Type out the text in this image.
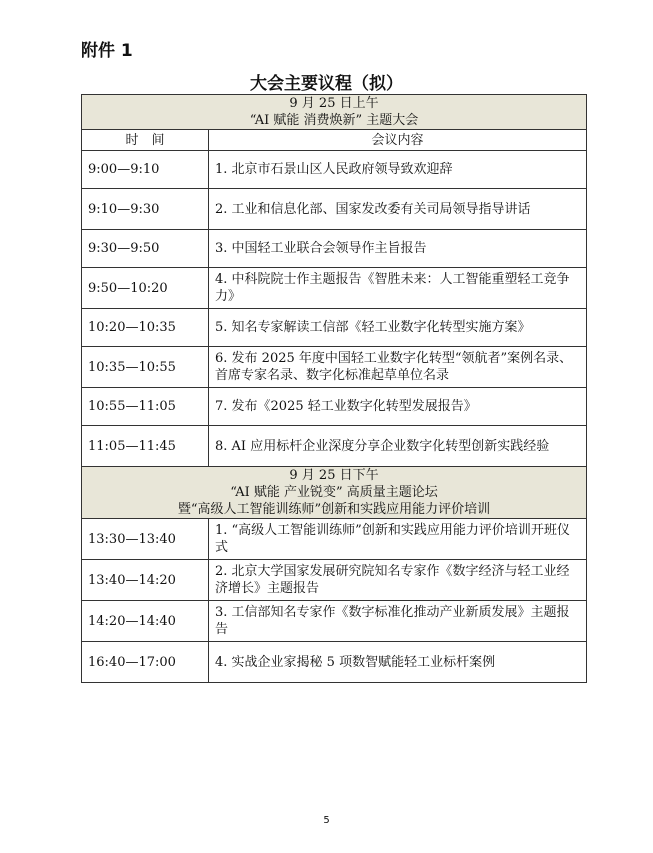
附件 1
大会主要议程（拟）
9 月 25 日上午
“AI 赋能 消费焕新” 主题大会	

时　间	会议内容
9:00—9:10	1. 北京市石景山区人民政府领导致欢迎辞
9:10—9:30	2. 工业和信息化部、国家发改委有关司局领导指导讲话
9:30—9:50	3. 中国轻工业联合会领导作主旨报告
9:50—10:20	4. 中科院院士作主题报告《智胜未来：人工智能重塑轻工竞争力》
10:20—10:35	5. 知名专家解读工信部《轻工业数字化转型实施方案》
10:35—10:55	6. 发布 2025 年度中国轻工业数字化转型“领航者”案例名录、首席专家名录、数字化标准起草单位名录
10:55—11:05	7. 发布《2025 轻工业数字化转型发展报告》
11:05—11:45	8. AI 应用标杆企业深度分享企业数字化转型创新实践经验

9 月 25 日下午
“AI 赋能 产业锐变” 高质量主题论坛
暨“高级人工智能训练师”创新和实践应用能力评价培训	

13:30—13:40	1. “高级人工智能训练师”创新和实践应用能力评价培训开班仪式
13:40—14:20	2. 北京大学国家发展研究院知名专家作《数字经济与轻工业经济增长》主题报告
14:20—14:40	3. 工信部知名专家作《数字标准化推动产业新质发展》主题报告
16:40—17:00	4. 实战企业家揭秘 5 项数智赋能轻工业标杆案例
5
